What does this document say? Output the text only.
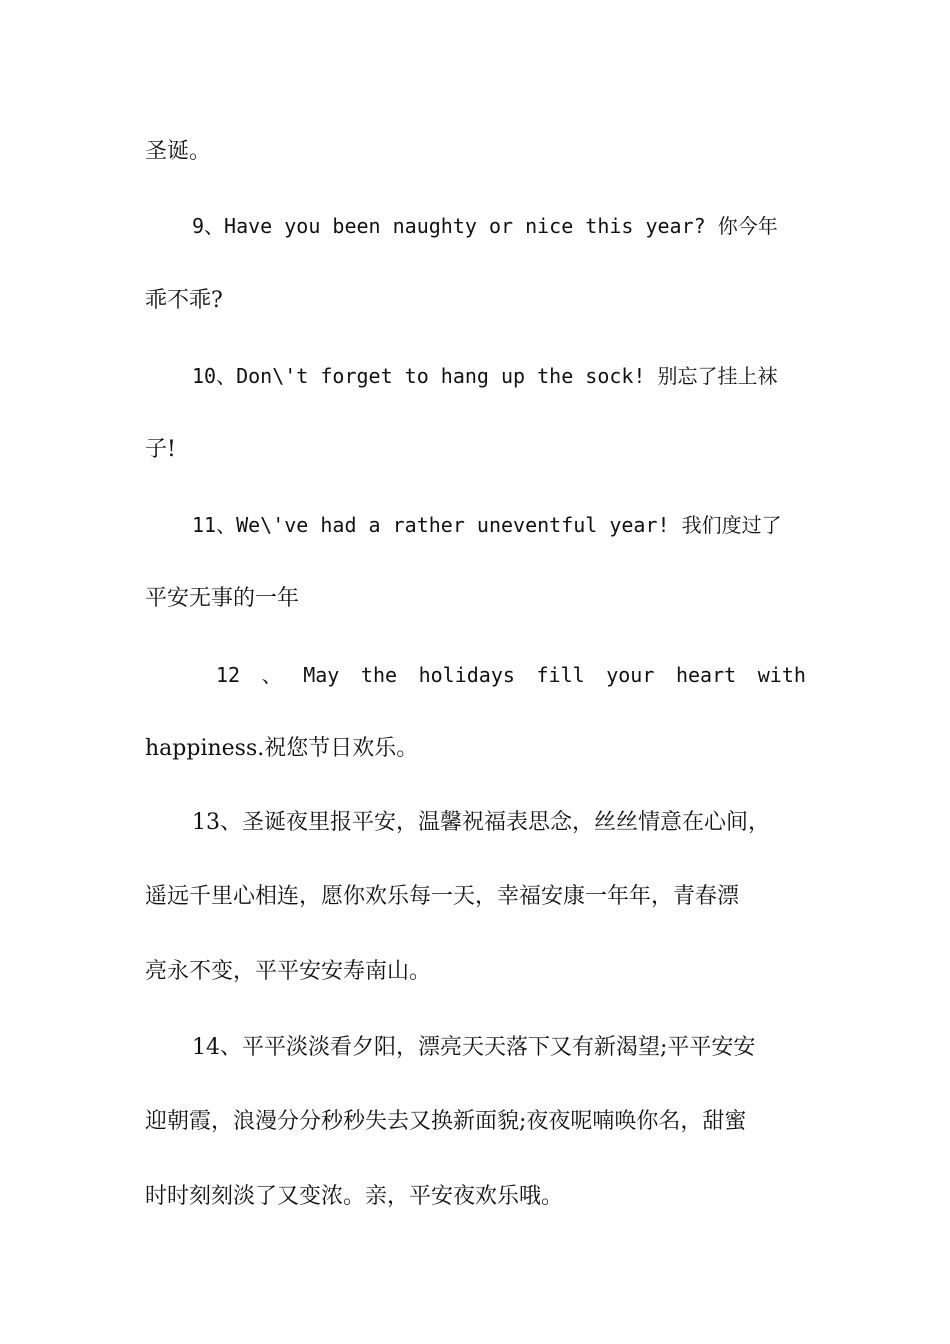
圣诞。
9、Have you been naughty or nice this year? 你今年
乖不乖?
10、Don\'t forget to hang up the sock! 别忘了挂上袜
子!
11、We\'ve had a rather uneventful year! 我们度过了
平安无事的一年
12 、 May the holidays fill your heart with
happiness.祝您节日欢乐。
13、圣诞夜里报平安，温馨祝福表思念，丝丝情意在心间，
遥远千里心相连，愿你欢乐每一天，幸福安康一年年，青春漂
亮永不变，平平安安寿南山。
14、平平淡淡看夕阳，漂亮天天落下又有新渴望;平平安安
迎朝霞，浪漫分分秒秒失去又换新面貌;夜夜呢喃唤你名，甜蜜
时时刻刻淡了又变浓。亲，平安夜欢乐哦。
